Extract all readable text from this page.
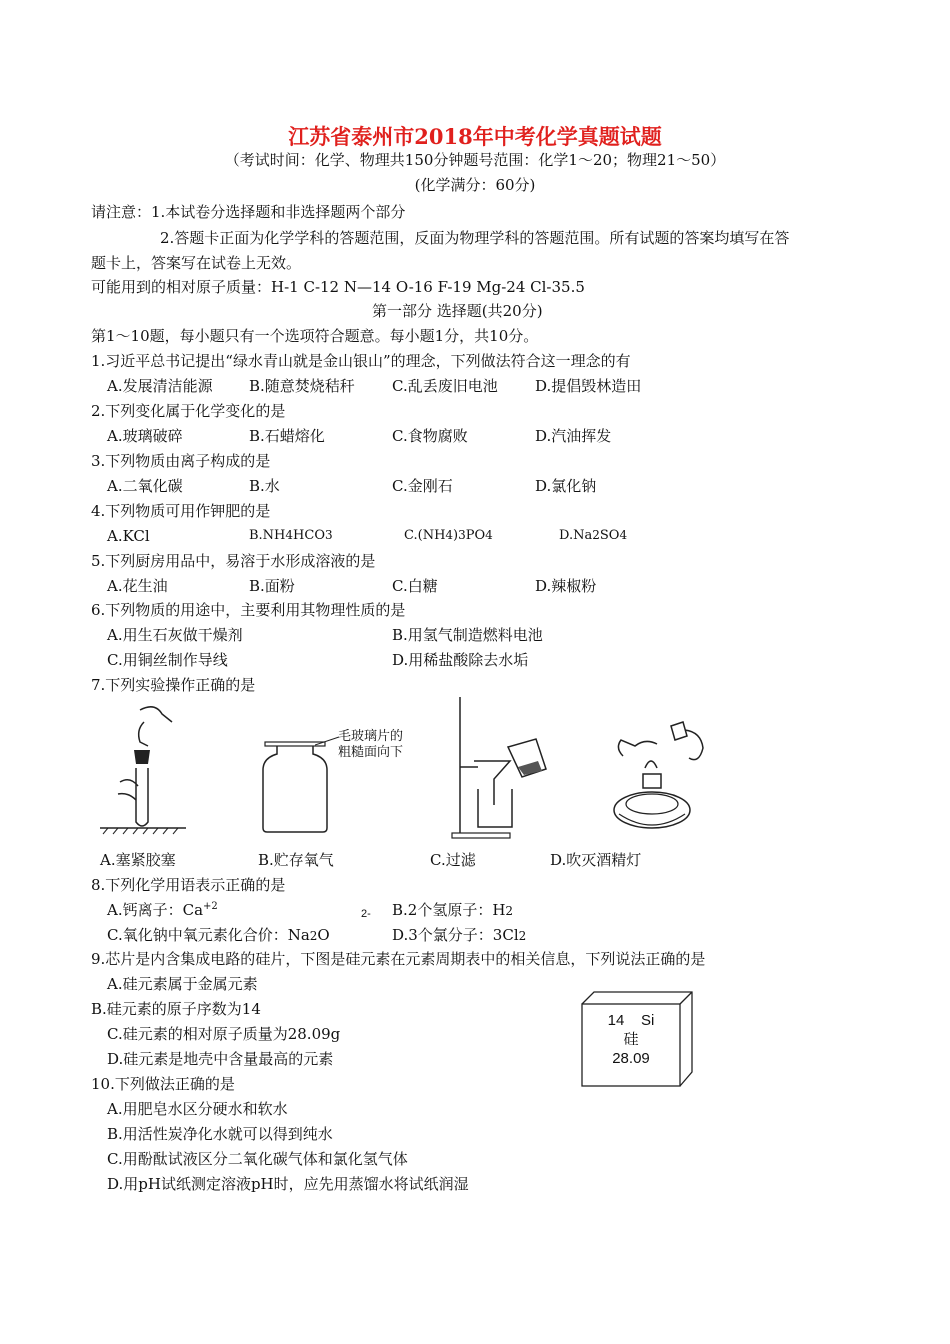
江苏省泰州市2018年中考化学真题试题
（考试时间：化学、物理共150分钟题号范围：化学1～20；物理21～50）
(化学满分：60分)
请注意：1.本试卷分选择题和非选择题两个部分
2.答题卡正面为化学学科的答题范围，反面为物理学科的答题范围。所有试题的答案均填写在答
题卡上，答案写在试卷上无效。
可能用到的相对原子质量：H-1 C-12 N—14 O-16 F-19 Mg-24 Cl-35.5
第一部分 选择题(共20分)
第1～10题，每小题只有一个选项符合题意。每小题1分，共10分。
1.习近平总书记提出“绿水青山就是金山银山”的理念，下列做法符合这一理念的有
A.发展清洁能源 B.随意焚烧秸秆 C.乱丢废旧电池 D.提倡毁林造田
2.下列变化属于化学变化的是
A.玻璃破碎	B.石蜡熔化	C.食物腐败	D.汽油挥发
3.下列物质由离子构成的是
A.二氧化碳	B.水	C.金刚石	D.氯化钠
4.下列物质可用作钾肥的是
A.KCl	B.NH4HCO3	C.(NH4)3PO4	D.Na2SO4
5.下列厨房用品中，易溶于水形成溶液的是
A.花生油	B.面粉	C.白糖	D.辣椒粉
6.下列物质的用途中，主要利用其物理性质的是
A.用生石灰做干燥剂	B.用氢气制造燃料电池
C.用铜丝制作导线	D.用稀盐酸除去水垢
7.下列实验操作正确的是
毛玻璃片的
粗糙面向下
A.塞紧胶塞	B.贮存氧气	C.过滤	D.吹灭酒精灯
8.下列化学用语表示正确的是
A.钙离子：$Ca^{+2}$
2- B.2个氢原子：H2
C.氧化钠中氧元素化合价：Na2O	D.3个氯分子：3Cl2
9.芯片是内含集成电路的硅片，下图是硅元素在元素周期表中的相关信息，下列说法正确的是
A.硅元素属于金属元素
B.硅元素的原子序数为14
C.硅元素的相对原子质量为28.09g
D.硅元素是地壳中含量最高的元素
14 Si
硅
28.09
10.下列做法正确的是
A.用肥皂水区分硬水和软水
B.用活性炭净化水就可以得到纯水
C.用酚酞试液区分二氧化碳气体和氯化氢气体
D.用pH试纸测定溶液pH时，应先用蒸馏水将试纸润湿
